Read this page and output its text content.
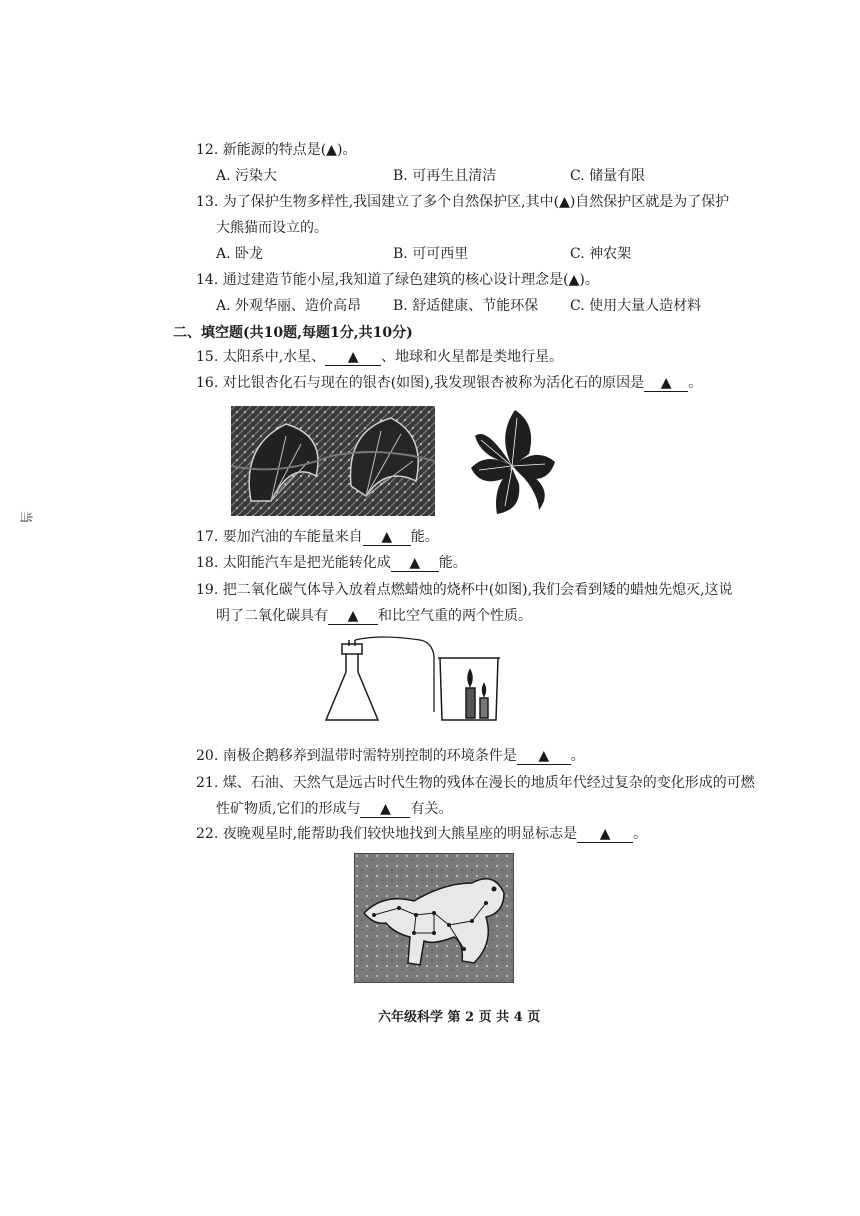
12. 新能源的特点是(▲)。
A. 污染大	B. 可再生且清洁	C. 储量有限
13. 为了保护生物多样性,我国建立了多个自然保护区,其中(▲)自然保护区就是为了保护
大熊猫而设立的。
A. 卧龙	B. 可可西里	C. 神农架
14. 通过建造节能小屋,我知道了绿色建筑的核心设计理念是(▲)。
A. 外观华丽、造价高昂 B. 舒适健康、节能环保 C. 使用大量人造材料
二、填空题(共10题,每题1分,共10分)
15. 太阳系中,水星、 ▲ 、地球和火星都是类地行星。
16. 对比银杏化石与现在的银杏(如图),我发现银杏被称为活化石的原因是 ▲ 。
当
17. 要加汽油的车能量来自 ▲ 能。
18. 太阳能汽车是把光能转化成 ▲ 能。
19. 把二氧化碳气体导入放着点燃蜡烛的烧杯中(如图),我们会看到矮的蜡烛先熄灭,这说
明了二氧化碳具有 ▲ 和比空气重的两个性质。
20. 南极企鹅移养到温带时需特别控制的环境条件是 ▲ 。
21. 煤、石油、天然气是远古时代生物的残体在漫长的地质年代经过复杂的变化形成的可燃
性矿物质,它们的形成与 ▲ 有关。
22. 夜晚观星时,能帮助我们较快地找到大熊星座的明显标志是 ▲ 。
六年级科学 第 2 页 共 4 页
